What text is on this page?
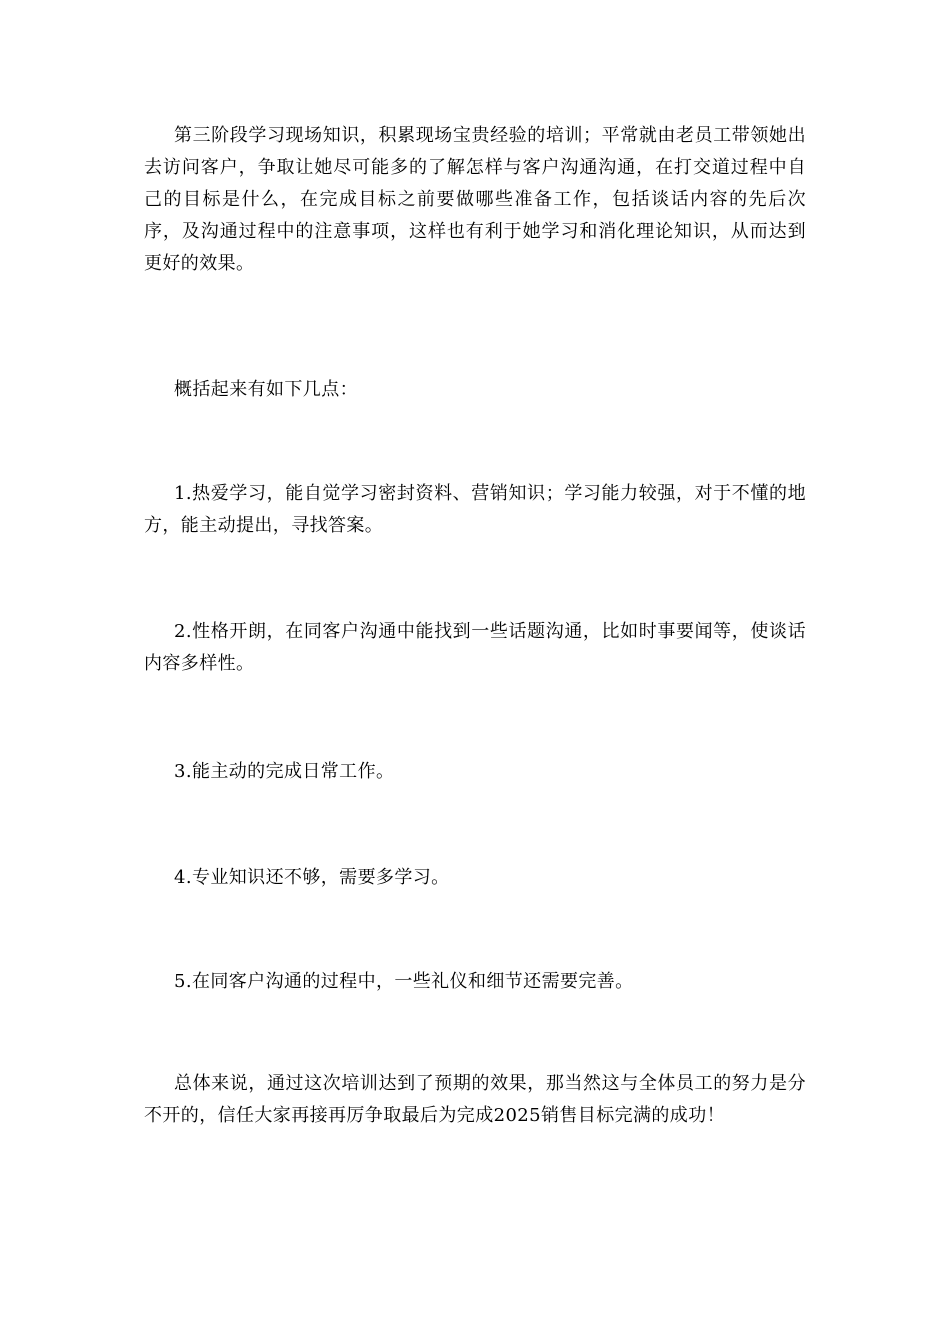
第三阶段学习现场知识，积累现场宝贵经验的培训；平常就由老员工带领她出去访问客户，争取让她尽可能多的了解怎样与客户沟通沟通，在打交道过程中自己的目标是什么，在完成目标之前要做哪些准备工作，包括谈话内容的先后次序，及沟通过程中的注意事项，这样也有利于她学习和消化理论知识，从而达到更好的效果。

概括起来有如下几点：

1.热爱学习，能自觉学习密封资料、营销知识；学习能力较强，对于不懂的地方，能主动提出，寻找答案。

2.性格开朗，在同客户沟通中能找到一些话题沟通，比如时事要闻等，使谈话内容多样性。

3.能主动的完成日常工作。

4.专业知识还不够，需要多学习。

5.在同客户沟通的过程中，一些礼仪和细节还需要完善。

总体来说，通过这次培训达到了预期的效果，那当然这与全体员工的努力是分不开的，信任大家再接再厉争取最后为完成2025销售目标完满的成功！
